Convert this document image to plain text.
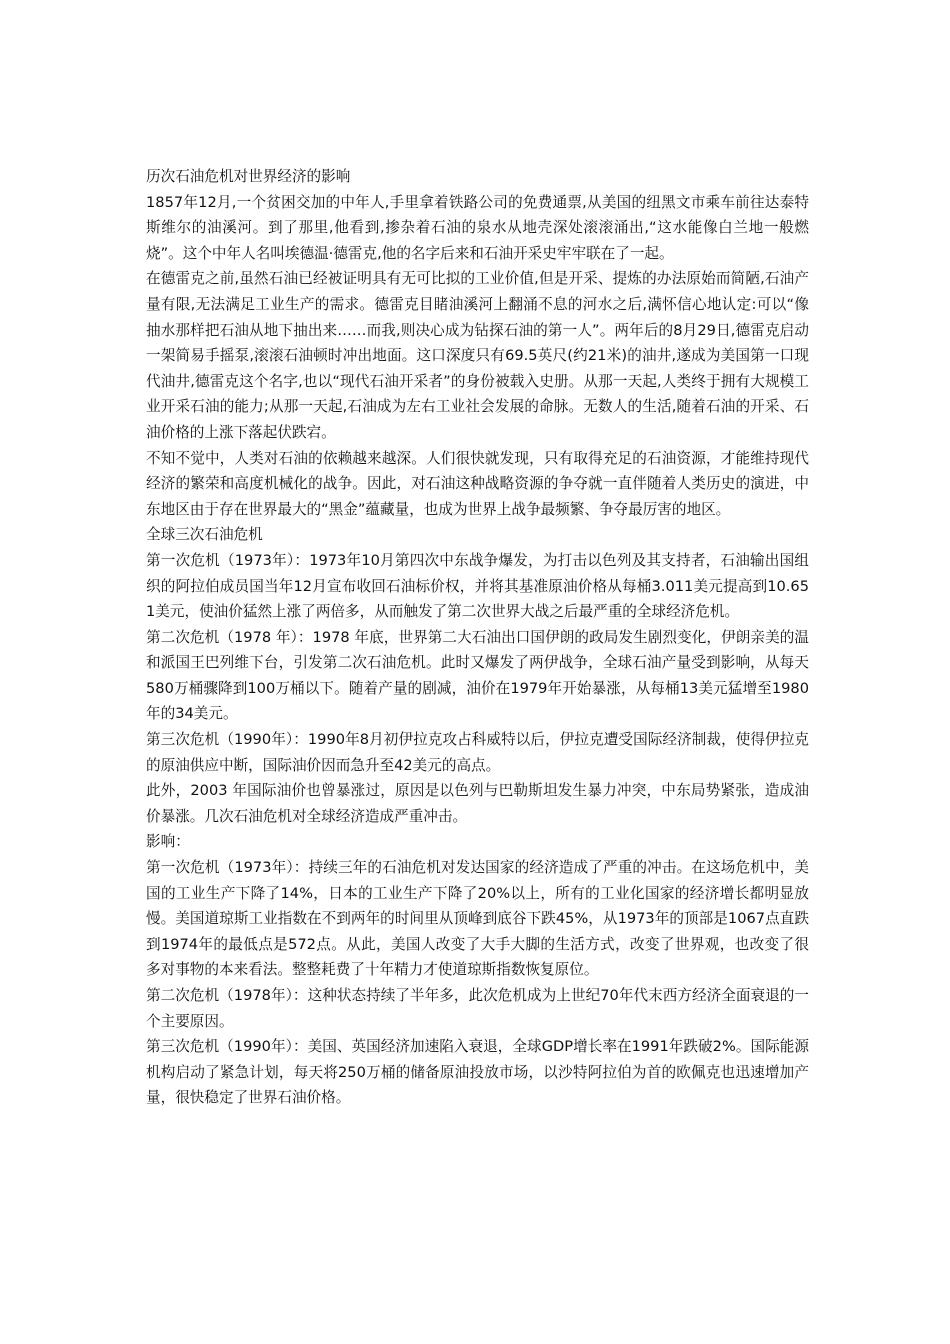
历次石油危机对世界经济的影响

1857年12月,一个贫困交加的中年人,手里拿着铁路公司的免费通票,从美国的纽黑文市乘车前往达泰特斯维尔的油溪河。到了那里,他看到,掺杂着石油的泉水从地壳深处滚滚涌出,“这水能像白兰地一般燃烧”。这个中年人名叫埃德温·德雷克,他的名字后来和石油开采史牢牢联在了一起。

在德雷克之前,虽然石油已经被证明具有无可比拟的工业价值,但是开采、提炼的办法原始而简陋,石油产量有限,无法满足工业生产的需求。德雷克目睹油溪河上翻涌不息的河水之后,满怀信心地认定:可以“像抽水那样把石油从地下抽出来……而我,则决心成为钻探石油的第一人”。两年后的8月29日,德雷克启动一架简易手摇泵,滚滚石油顿时冲出地面。这口深度只有69.5英尺(约21米)的油井,遂成为美国第一口现代油井,德雷克这个名字,也以“现代石油开采者”的身份被载入史册。从那一天起,人类终于拥有大规模工业开采石油的能力;从那一天起,石油成为左右工业社会发展的命脉。无数人的生活,随着石油的开采、石油价格的上涨下落起伏跌宕。

不知不觉中，人类对石油的依赖越来越深。人们很快就发现，只有取得充足的石油资源，才能维持现代经济的繁荣和高度机械化的战争。因此，对石油这种战略资源的争夺就一直伴随着人类历史的演进，中东地区由于存在世界最大的“黑金”蕴藏量，也成为世界上战争最频繁、争夺最厉害的地区。

全球三次石油危机

第一次危机（1973年）：1973年10月第四次中东战争爆发，为打击以色列及其支持者，石油输出国组织的阿拉伯成员国当年12月宣布收回石油标价权，并将其基准原油价格从每桶3.011美元提高到10.651美元，使油价猛然上涨了两倍多，从而触发了第二次世界大战之后最严重的全球经济危机。

第二次危机（1978 年）：1978 年底，世界第二大石油出口国伊朗的政局发生剧烈变化，伊朗亲美的温和派国王巴列维下台，引发第二次石油危机。此时又爆发了两伊战争，全球石油产量受到影响，从每天580万桶骤降到100万桶以下。随着产量的剧减，油价在1979年开始暴涨，从每桶13美元猛增至1980年的34美元。

第三次危机（1990年）：1990年8月初伊拉克攻占科威特以后，伊拉克遭受国际经济制裁，使得伊拉克的原油供应中断，国际油价因而急升至42美元的高点。

此外，2003 年国际油价也曾暴涨过，原因是以色列与巴勒斯坦发生暴力冲突，中东局势紧张，造成油价暴涨。几次石油危机对全球经济造成严重冲击。

影响：

第一次危机（1973年）：持续三年的石油危机对发达国家的经济造成了严重的冲击。在这场危机中，美国的工业生产下降了14%，日本的工业生产下降了20%以上，所有的工业化国家的经济增长都明显放慢。美国道琼斯工业指数在不到两年的时间里从顶峰到底谷下跌45%，从1973年的顶部是1067点直跌到1974年的最低点是572点。从此，美国人改变了大手大脚的生活方式，改变了世界观，也改变了很多对事物的本来看法。整整耗费了十年精力才使道琼斯指数恢复原位。

第二次危机（1978年）：这种状态持续了半年多，此次危机成为上世纪70年代末西方经济全面衰退的一个主要原因。

第三次危机（1990年）：美国、英国经济加速陷入衰退，全球GDP增长率在1991年跌破2%。国际能源机构启动了紧急计划，每天将250万桶的储备原油投放市场，以沙特阿拉伯为首的欧佩克也迅速增加产量，很快稳定了世界石油价格。
